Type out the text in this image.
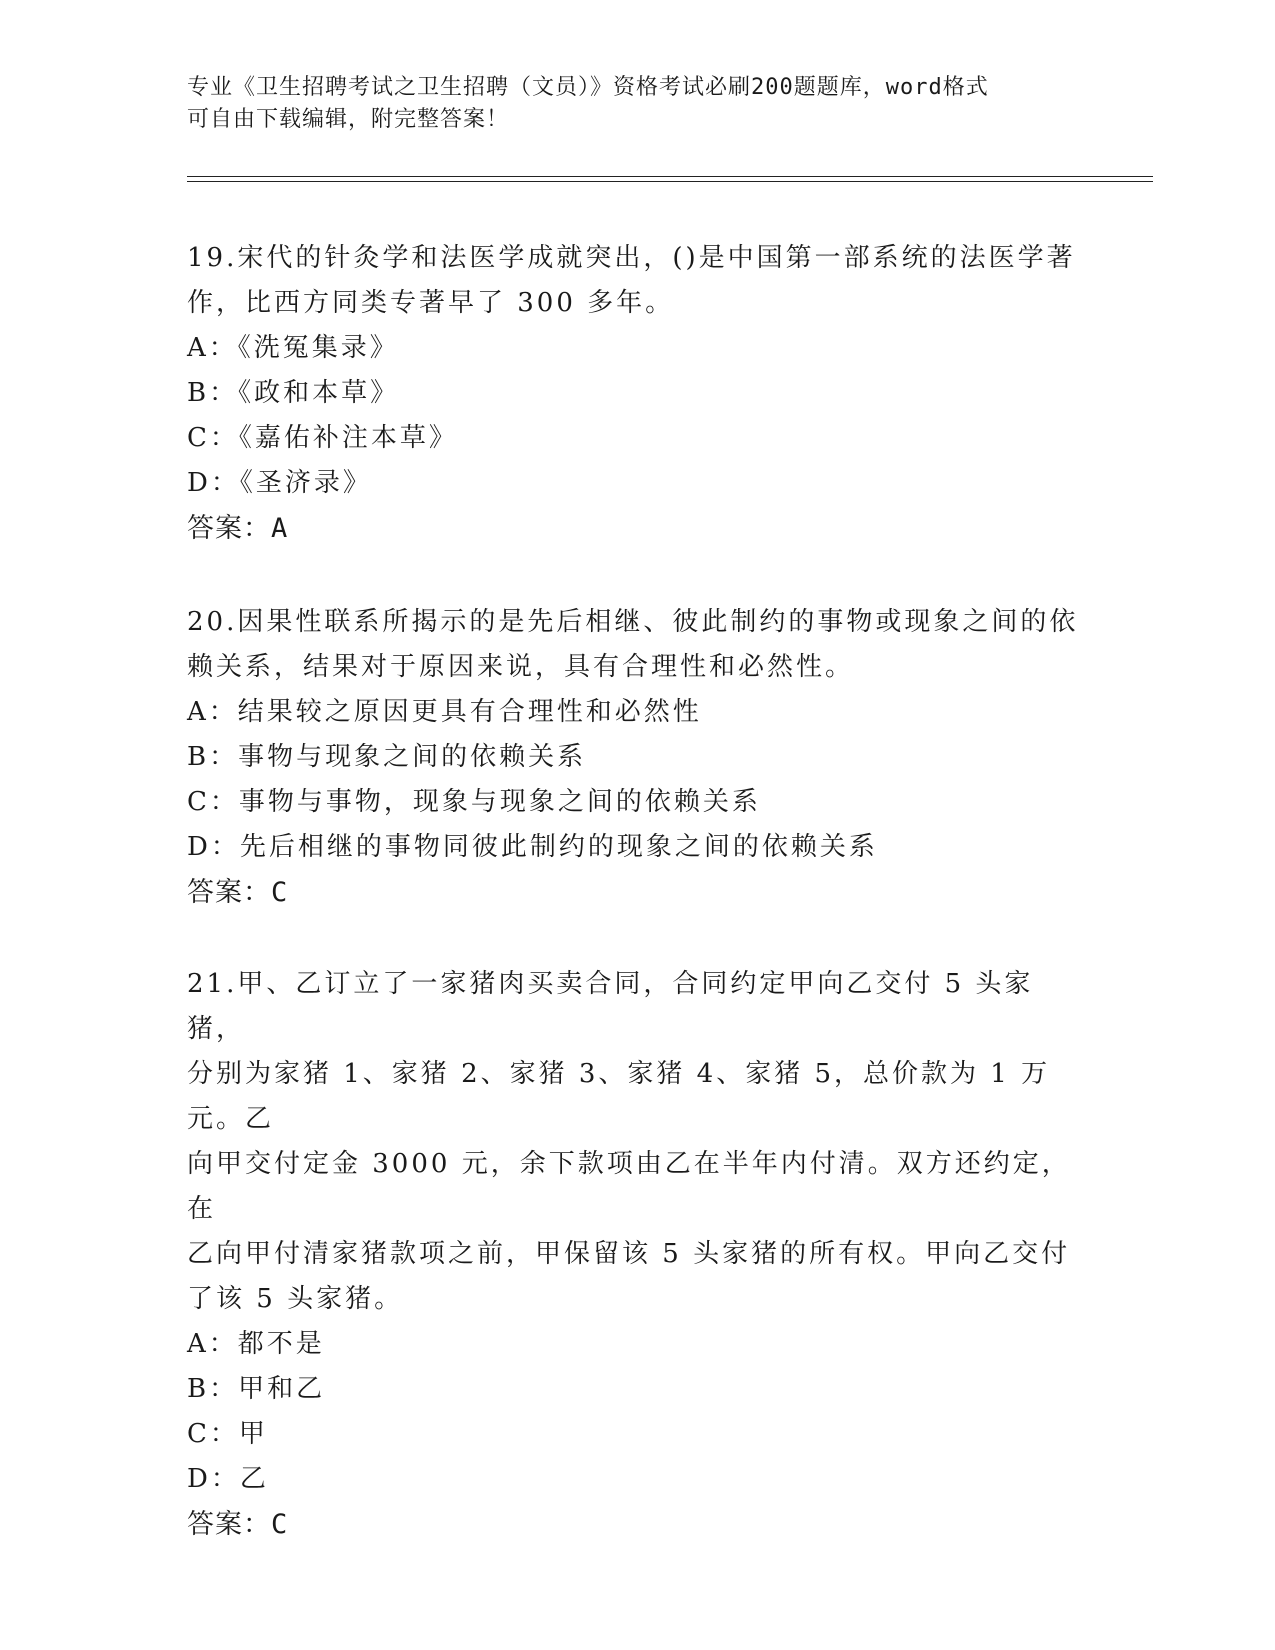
专业《卫生招聘考试之卫生招聘（文员）》资格考试必刷200题题库，word格式
可自由下载编辑，附完整答案！

19.宋代的针灸学和法医学成就突出，()是中国第一部系统的法医学著

作，比西方同类专著早了 300 多年。

A：《洗冤集录》

B：《政和本草》

C：《嘉佑补注本草》

D：《圣济录》

答案：A

20.因果性联系所揭示的是先后相继、彼此制约的事物或现象之间的依

赖关系，结果对于原因来说，具有合理性和必然性。

A：结果较之原因更具有合理性和必然性

B：事物与现象之间的依赖关系

C：事物与事物，现象与现象之间的依赖关系

D：先后相继的事物同彼此制约的现象之间的依赖关系

答案：C

21.甲、乙订立了一家猪肉买卖合同，合同约定甲向乙交付 5 头家猪，

分别为家猪 1、家猪 2、家猪 3、家猪 4、家猪 5，总价款为 1 万元。乙

向甲交付定金 3000 元，余下款项由乙在半年内付清。双方还约定，在

乙向甲付清家猪款项之前，甲保留该 5 头家猪的所有权。甲向乙交付

了该 5 头家猪。

A：都不是

B：甲和乙

C：甲

D：乙

答案：C
